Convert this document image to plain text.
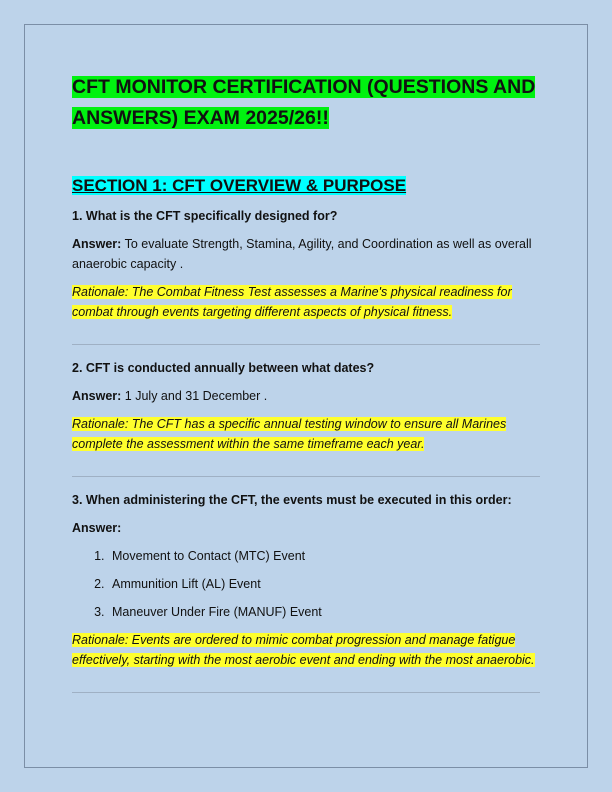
CFT MONITOR CERTIFICATION (QUESTIONS AND ANSWERS) EXAM 2025/26!!
SECTION 1: CFT OVERVIEW & PURPOSE

1. What is the CFT specifically designed for?

Answer: To evaluate Strength, Stamina, Agility, and Coordination as well as overall anaerobic capacity .
Rationale: The Combat Fitness Test assesses a Marine's physical readiness for combat through events targeting different aspects of physical fitness.

2. CFT is conducted annually between what dates?

Answer: 1 July and 31 December .
Rationale: The CFT has a specific annual testing window to ensure all Marines complete the assessment within the same timeframe each year.

3. When administering the CFT, the events must be executed in this order:

Answer:
1. Movement to Contact (MTC) Event
2. Ammunition Lift (AL) Event
3. Maneuver Under Fire (MANUF) Event
Rationale: Events are ordered to mimic combat progression and manage fatigue effectively, starting with the most aerobic event and ending with the most anaerobic.
